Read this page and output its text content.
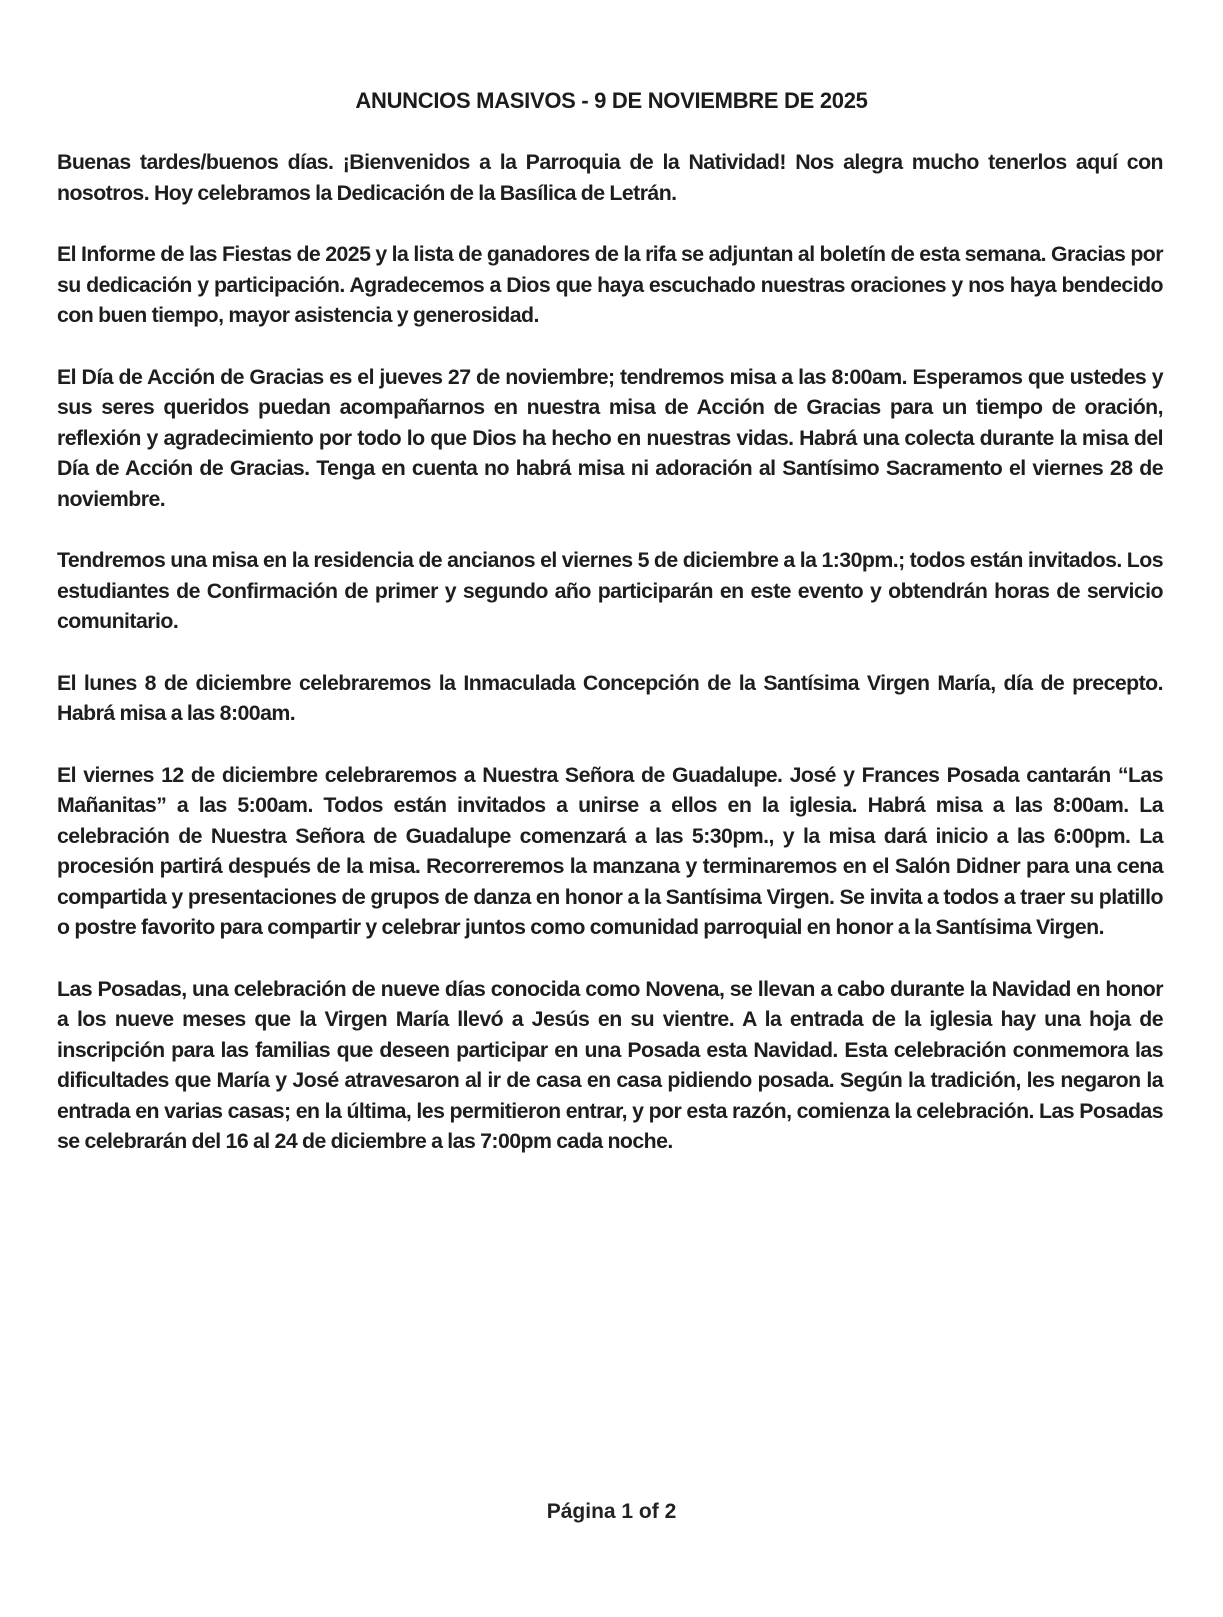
ANUNCIOS MASIVOS - 9 DE NOVIEMBRE DE 2025

Buenas tardes/buenos días. ¡Bienvenidos a la Parroquia de la Natividad! Nos alegra mucho tenerlos aquí con nosotros. Hoy celebramos la Dedicación de la Basílica de Letrán.

El Informe de las Fiestas de 2025 y la lista de ganadores de la rifa se adjuntan al boletín de esta semana. Gracias por su dedicación y participación. Agradecemos a Dios que haya escuchado nuestras oraciones y nos haya bendecido con buen tiempo, mayor asistencia y generosidad.

El Día de Acción de Gracias es el jueves 27 de noviembre; tendremos misa a las 8:00am. Esperamos que ustedes y sus seres queridos puedan acompañarnos en nuestra misa de Acción de Gracias para un tiempo de oración, reflexión y agradecimiento por todo lo que Dios ha hecho en nuestras vidas. Habrá una colecta durante la misa del Día de Acción de Gracias. Tenga en cuenta no habrá misa ni adoración al Santísimo Sacramento el viernes 28 de noviembre.

Tendremos una misa en la residencia de ancianos el viernes 5 de diciembre a la 1:30pm.; todos están invitados. Los estudiantes de Confirmación de primer y segundo año participarán en este evento y obtendrán horas de servicio comunitario.

El lunes 8 de diciembre celebraremos la Inmaculada Concepción de la Santísima Virgen María, día de precepto. Habrá misa a las 8:00am.

El viernes 12 de diciembre celebraremos a Nuestra Señora de Guadalupe. José y Frances Posada cantarán “Las Mañanitas” a las 5:00am. Todos están invitados a unirse a ellos en la iglesia. Habrá misa a las 8:00am. La celebración de Nuestra Señora de Guadalupe comenzará a las 5:30pm., y la misa dará inicio a las 6:00pm. La procesión partirá después de la misa. Recorreremos la manzana y terminaremos en el Salón Didner para una cena compartida y presentaciones de grupos de danza en honor a la Santísima Virgen. Se invita a todos a traer su platillo o postre favorito para compartir y celebrar juntos como comunidad parroquial en honor a la Santísima Virgen.

Las Posadas, una celebración de nueve días conocida como Novena, se llevan a cabo durante la Navidad en honor a los nueve meses que la Virgen María llevó a Jesús en su vientre. A la entrada de la iglesia hay una hoja de inscripción para las familias que deseen participar en una Posada esta Navidad. Esta celebración conmemora las dificultades que María y José atravesaron al ir de casa en casa pidiendo posada. Según la tradición, les negaron la entrada en varias casas; en la última, les permitieron entrar, y por esta razón, comienza la celebración. Las Posadas se celebrarán del 16 al 24 de diciembre a las 7:00pm cada noche.

Página 1 of 2
